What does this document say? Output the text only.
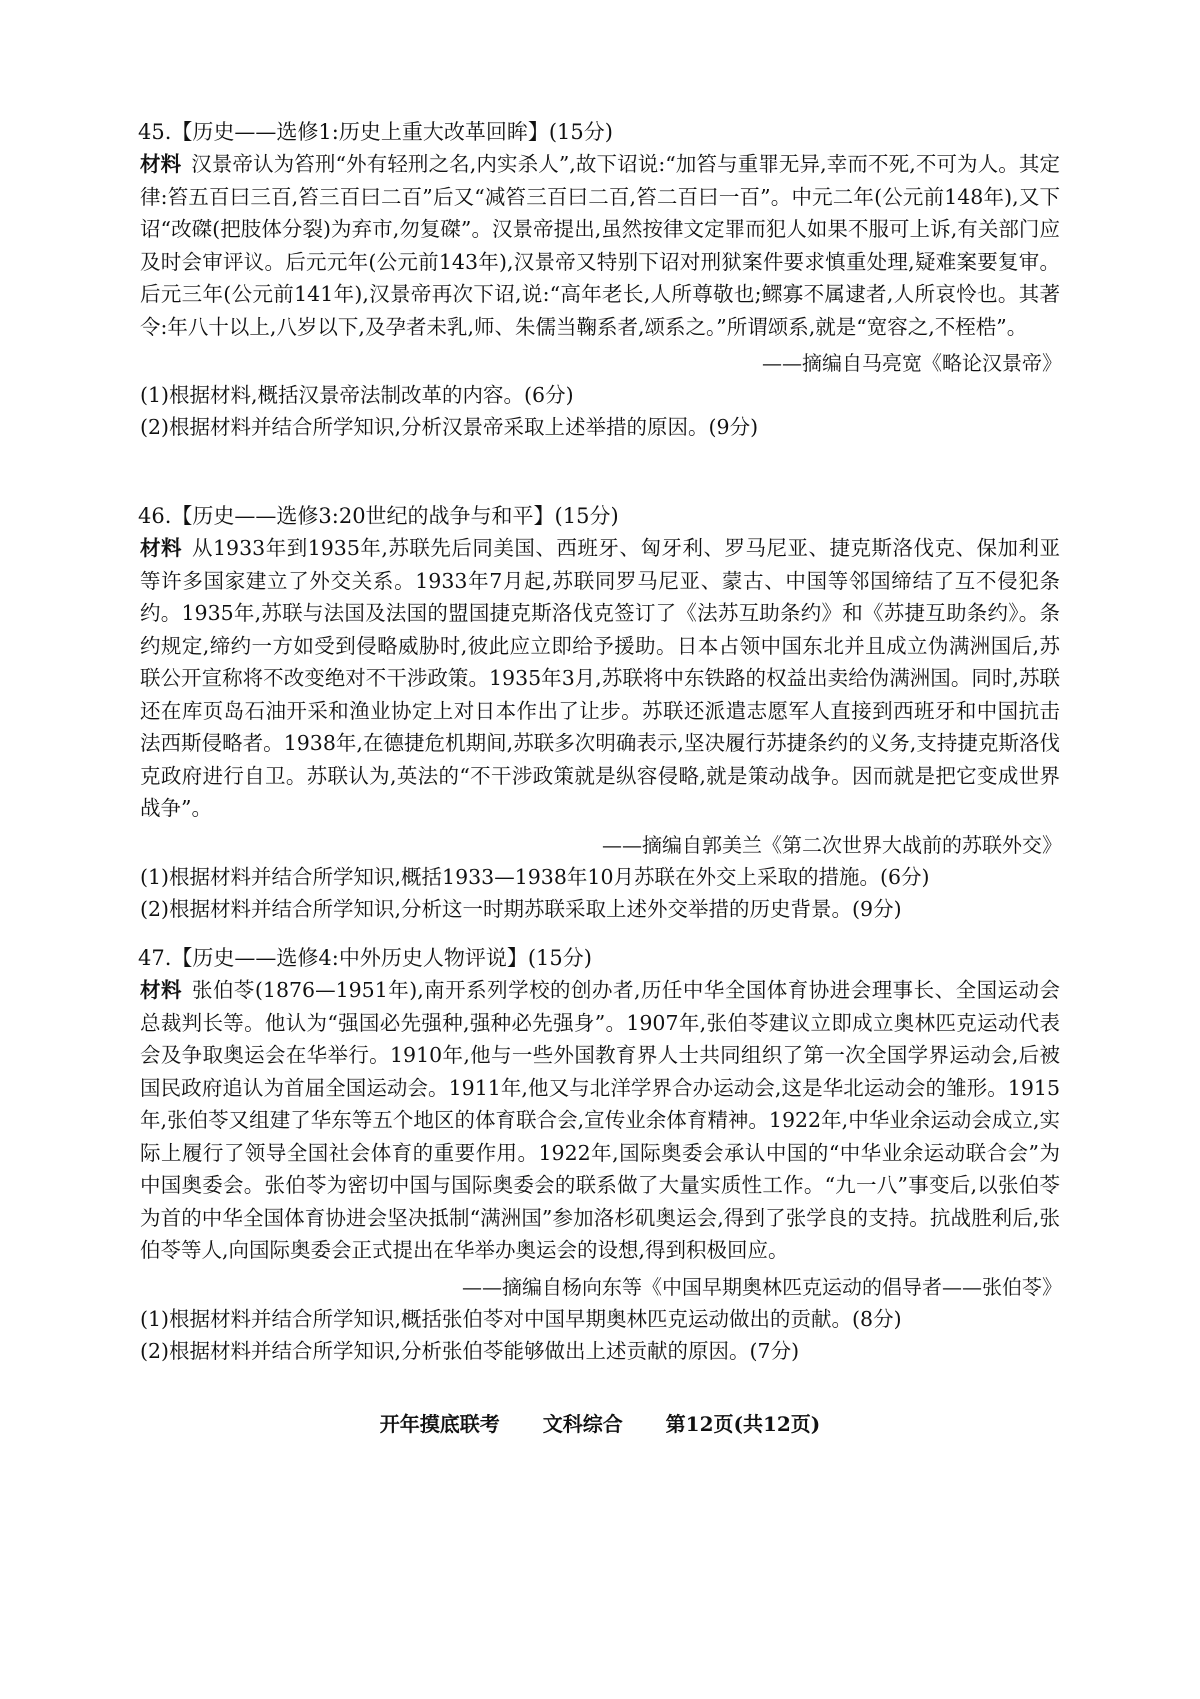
45.【历史——选修1:历史上重大改革回眸】(15分)

材料 汉景帝认为笞刑“外有轻刑之名,内实杀人”,故下诏说:“加笞与重罪无异,幸而不死,不可为人。其定律:笞五百曰三百,笞三百曰二百”后又“减笞三百曰二百,笞二百曰一百”。中元二年(公元前148年),又下诏“改磔(把肢体分裂)为弃市,勿复磔”。汉景帝提出,虽然按律文定罪而犯人如果不服可上诉,有关部门应及时会审评议。后元元年(公元前143年),汉景帝又特别下诏对刑狱案件要求慎重处理,疑难案要复审。后元三年(公元前141年),汉景帝再次下诏,说:“高年老长,人所尊敬也;鳏寡不属逮者,人所哀怜也。其著令:年八十以上,八岁以下,及孕者未乳,师、朱儒当鞠系者,颂系之。”所谓颂系,就是“宽容之,不桎梏”。

——摘编自马亮宽《略论汉景帝》

(1)根据材料,概括汉景帝法制改革的内容。(6分)

(2)根据材料并结合所学知识,分析汉景帝采取上述举措的原因。(9分)

46.【历史——选修3:20世纪的战争与和平】(15分)

材料 从1933年到1935年,苏联先后同美国、西班牙、匈牙利、罗马尼亚、捷克斯洛伐克、保加利亚等许多国家建立了外交关系。1933年7月起,苏联同罗马尼亚、蒙古、中国等邻国缔结了互不侵犯条约。1935年,苏联与法国及法国的盟国捷克斯洛伐克签订了《法苏互助条约》和《苏捷互助条约》。条约规定,缔约一方如受到侵略威胁时,彼此应立即给予援助。日本占领中国东北并且成立伪满洲国后,苏联公开宣称将不改变绝对不干涉政策。1935年3月,苏联将中东铁路的权益出卖给伪满洲国。同时,苏联还在库页岛石油开采和渔业协定上对日本作出了让步。苏联还派遣志愿军人直接到西班牙和中国抗击法西斯侵略者。1938年,在德捷危机期间,苏联多次明确表示,坚决履行苏捷条约的义务,支持捷克斯洛伐克政府进行自卫。苏联认为,英法的“不干涉政策就是纵容侵略,就是策动战争。因而就是把它变成世界战争”。

——摘编自郭美兰《第二次世界大战前的苏联外交》

(1)根据材料并结合所学知识,概括1933—1938年10月苏联在外交上采取的措施。(6分)

(2)根据材料并结合所学知识,分析这一时期苏联采取上述外交举措的历史背景。(9分)

47.【历史——选修4:中外历史人物评说】(15分)

材料 张伯苓(1876—1951年),南开系列学校的创办者,历任中华全国体育协进会理事长、全国运动会总裁判长等。他认为“强国必先强种,强种必先强身”。1907年,张伯苓建议立即成立奥林匹克运动代表会及争取奥运会在华举行。1910年,他与一些外国教育界人士共同组织了第一次全国学界运动会,后被国民政府追认为首届全国运动会。1911年,他又与北洋学界合办运动会,这是华北运动会的雏形。1915年,张伯苓又组建了华东等五个地区的体育联合会,宣传业余体育精神。1922年,中华业余运动会成立,实际上履行了领导全国社会体育的重要作用。1922年,国际奥委会承认中国的“中华业余运动联合会”为中国奥委会。张伯苓为密切中国与国际奥委会的联系做了大量实质性工作。“九一八”事变后,以张伯苓为首的中华全国体育协进会坚决抵制“满洲国”参加洛杉矶奥运会,得到了张学良的支持。抗战胜利后,张伯苓等人,向国际奥委会正式提出在华举办奥运会的设想,得到积极回应。

——摘编自杨向东等《中国早期奥林匹克运动的倡导者——张伯苓》

(1)根据材料并结合所学知识,概括张伯苓对中国早期奥林匹克运动做出的贡献。(8分)

(2)根据材料并结合所学知识,分析张伯苓能够做出上述贡献的原因。(7分)

开年摸底联考 文科综合 第12页(共12页)
